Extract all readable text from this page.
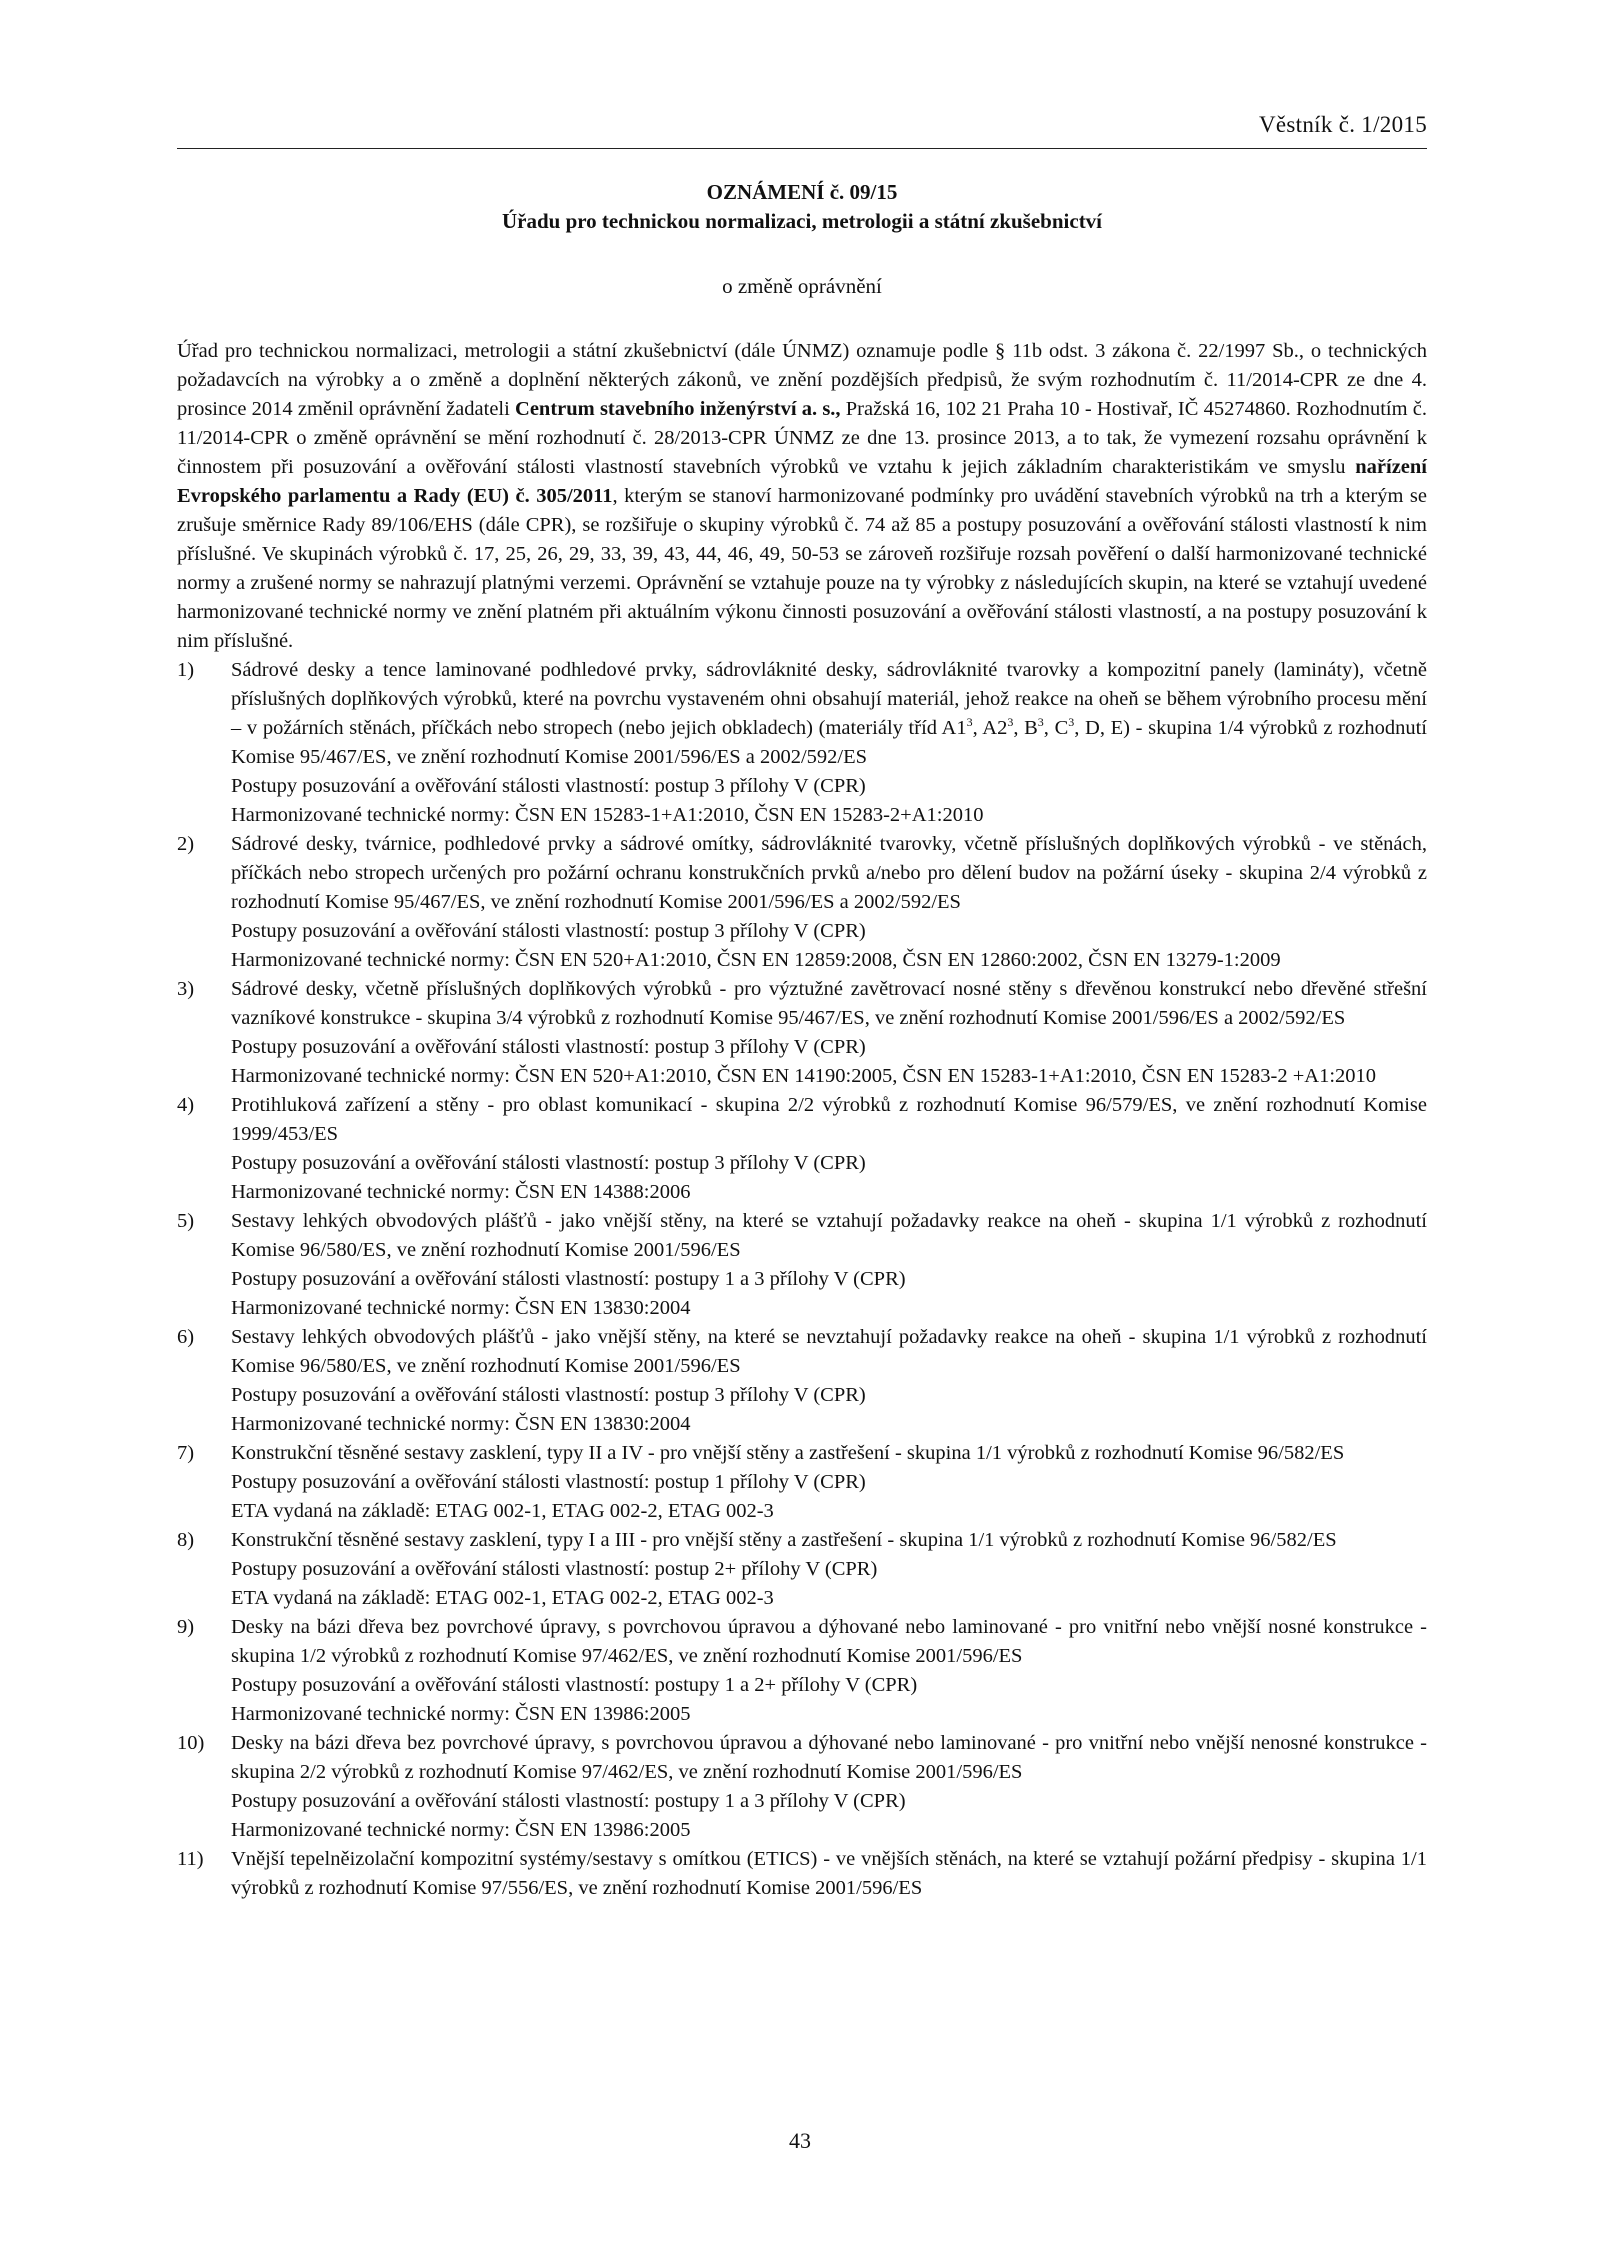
Věstník č. 1/2015
OZNÁMENÍ č. 09/15
Úřadu pro technickou normalizaci, metrologii a státní zkušebnictví
o změně oprávnění
Úřad pro technickou normalizaci, metrologii a státní zkušebnictví (dále ÚNMZ) oznamuje podle § 11b odst. 3 zákona č. 22/1997 Sb., o technických požadavcích na výrobky a o změně a doplnění některých zákonů, ve znění pozdějších předpisů, že svým rozhodnutím č. 11/2014-CPR ze dne 4. prosince 2014 změnil oprávnění žadateli Centrum stavebního inženýrství a. s., Pražská 16, 102 21 Praha 10 - Hostivař, IČ 45274860. Rozhodnutím č. 11/2014-CPR o změně oprávnění se mění rozhodnutí č. 28/2013-CPR ÚNMZ ze dne 13. prosince 2013, a to tak, že vymezení rozsahu oprávnění k činnostem při posuzování a ověřování stálosti vlastností stavebních výrobků ve vztahu k jejich základním charakteristikám ve smyslu nařízení Evropského parlamentu a Rady (EU) č. 305/2011, kterým se stanoví harmonizované podmínky pro uvádění stavebních výrobků na trh a kterým se zrušuje směrnice Rady 89/106/EHS (dále CPR), se rozšiřuje o skupiny výrobků č. 74 až 85 a postupy posuzování a ověřování stálosti vlastností k nim příslušné. Ve skupinách výrobků č. 17, 25, 26, 29, 33, 39, 43, 44, 46, 49, 50-53 se zároveň rozšiřuje rozsah pověření o další harmonizované technické normy a zrušené normy se nahrazují platnými verzemi. Oprávnění se vztahuje pouze na ty výrobky z následujících skupin, na které se vztahují uvedené harmonizované technické normy ve znění platném při aktuálním výkonu činnosti posuzování a ověřování stálosti vlastností, a na postupy posuzování k nim příslušné.
1) Sádrové desky a tence laminované podhledové prvky, sádrovláknité desky, sádrovláknité tvarovky a kompozitní panely (lamináty), včetně příslušných doplňkových výrobků, které na povrchu vystaveném ohni obsahují materiál, jehož reakce na oheň se během výrobního procesu mění – v požárních stěnách, příčkách nebo stropech (nebo jejich obkladech) (materiály tříd $A1^3$, $A2^3$, $B^3$, $C^3$, D, E) - skupina 1/4 výrobků z rozhodnutí Komise 95/467/ES, ve znění rozhodnutí Komise 2001/596/ES a 2002/592/ES
Postupy posuzování a ověřování stálosti vlastností: postup 3 přílohy V (CPR)
Harmonizované technické normy: ČSN EN 15283-1+A1:2010, ČSN EN 15283-2+A1:2010
2) Sádrové desky, tvárnice, podhledové prvky a sádrové omítky, sádrovláknité tvarovky, včetně příslušných doplňkových výrobků - ve stěnách, příčkách nebo stropech určených pro požární ochranu konstrukčních prvků a/nebo pro dělení budov na požární úseky - skupina 2/4 výrobků z rozhodnutí Komise 95/467/ES, ve znění rozhodnutí Komise 2001/596/ES a 2002/592/ES
Postupy posuzování a ověřování stálosti vlastností: postup 3 přílohy V (CPR)
Harmonizované technické normy: ČSN EN 520+A1:2010, ČSN EN 12859:2008, ČSN EN 12860:2002, ČSN EN 13279-1:2009
3) Sádrové desky, včetně příslušných doplňkových výrobků - pro výztužné zavětrovací nosné stěny s dřevěnou konstrukcí nebo dřevěné střešní vazníkové konstrukce - skupina 3/4 výrobků z rozhodnutí Komise 95/467/ES, ve znění rozhodnutí Komise 2001/596/ES a 2002/592/ES
Postupy posuzování a ověřování stálosti vlastností: postup 3 přílohy V (CPR)
Harmonizované technické normy: ČSN EN 520+A1:2010, ČSN EN 14190:2005, ČSN EN 15283-1+A1:2010, ČSN EN 15283-2 +A1:2010
4) Protihluková zařízení a stěny - pro oblast komunikací - skupina 2/2 výrobků z rozhodnutí Komise 96/579/ES, ve znění rozhodnutí Komise 1999/453/ES
Postupy posuzování a ověřování stálosti vlastností: postup 3 přílohy V (CPR)
Harmonizované technické normy: ČSN EN 14388:2006
5) Sestavy lehkých obvodových plášťů - jako vnější stěny, na které se vztahují požadavky reakce na oheň - skupina 1/1 výrobků z rozhodnutí Komise 96/580/ES, ve znění rozhodnutí Komise 2001/596/ES
Postupy posuzování a ověřování stálosti vlastností: postupy 1 a 3 přílohy V (CPR)
Harmonizované technické normy: ČSN EN 13830:2004
6) Sestavy lehkých obvodových plášťů - jako vnější stěny, na které se nevztahují požadavky reakce na oheň - skupina 1/1 výrobků z rozhodnutí Komise 96/580/ES, ve znění rozhodnutí Komise 2001/596/ES
Postupy posuzování a ověřování stálosti vlastností: postup 3 přílohy V (CPR)
Harmonizované technické normy: ČSN EN 13830:2004
7) Konstrukční těsněné sestavy zasklení, typy II a IV - pro vnější stěny a zastřešení - skupina 1/1 výrobků z rozhodnutí Komise 96/582/ES
Postupy posuzování a ověřování stálosti vlastností: postup 1 přílohy V (CPR)
ETA vydaná na základě: ETAG 002-1, ETAG 002-2, ETAG 002-3
8) Konstrukční těsněné sestavy zasklení, typy I a III - pro vnější stěny a zastřešení - skupina 1/1 výrobků z rozhodnutí Komise 96/582/ES
Postupy posuzování a ověřování stálosti vlastností: postup 2+ přílohy V (CPR)
ETA vydaná na základě: ETAG 002-1, ETAG 002-2, ETAG 002-3
9) Desky na bázi dřeva bez povrchové úpravy, s povrchovou úpravou a dýhované nebo laminované - pro vnitřní nebo vnější nosné konstrukce - skupina 1/2 výrobků z rozhodnutí Komise 97/462/ES, ve znění rozhodnutí Komise 2001/596/ES
Postupy posuzování a ověřování stálosti vlastností: postupy 1 a 2+ přílohy V (CPR)
Harmonizované technické normy: ČSN EN 13986:2005
10) Desky na bázi dřeva bez povrchové úpravy, s povrchovou úpravou a dýhované nebo laminované - pro vnitřní nebo vnější nenosné konstrukce - skupina 2/2 výrobků z rozhodnutí Komise 97/462/ES, ve znění rozhodnutí Komise 2001/596/ES
Postupy posuzování a ověřování stálosti vlastností: postupy 1 a 3 přílohy V (CPR)
Harmonizované technické normy: ČSN EN 13986:2005
11) Vnější tepelněizolační kompozitní systémy/sestavy s omítkou (ETICS) - ve vnějších stěnách, na které se vztahují požární předpisy - skupina 1/1 výrobků z rozhodnutí Komise 97/556/ES, ve znění rozhodnutí Komise 2001/596/ES
43
